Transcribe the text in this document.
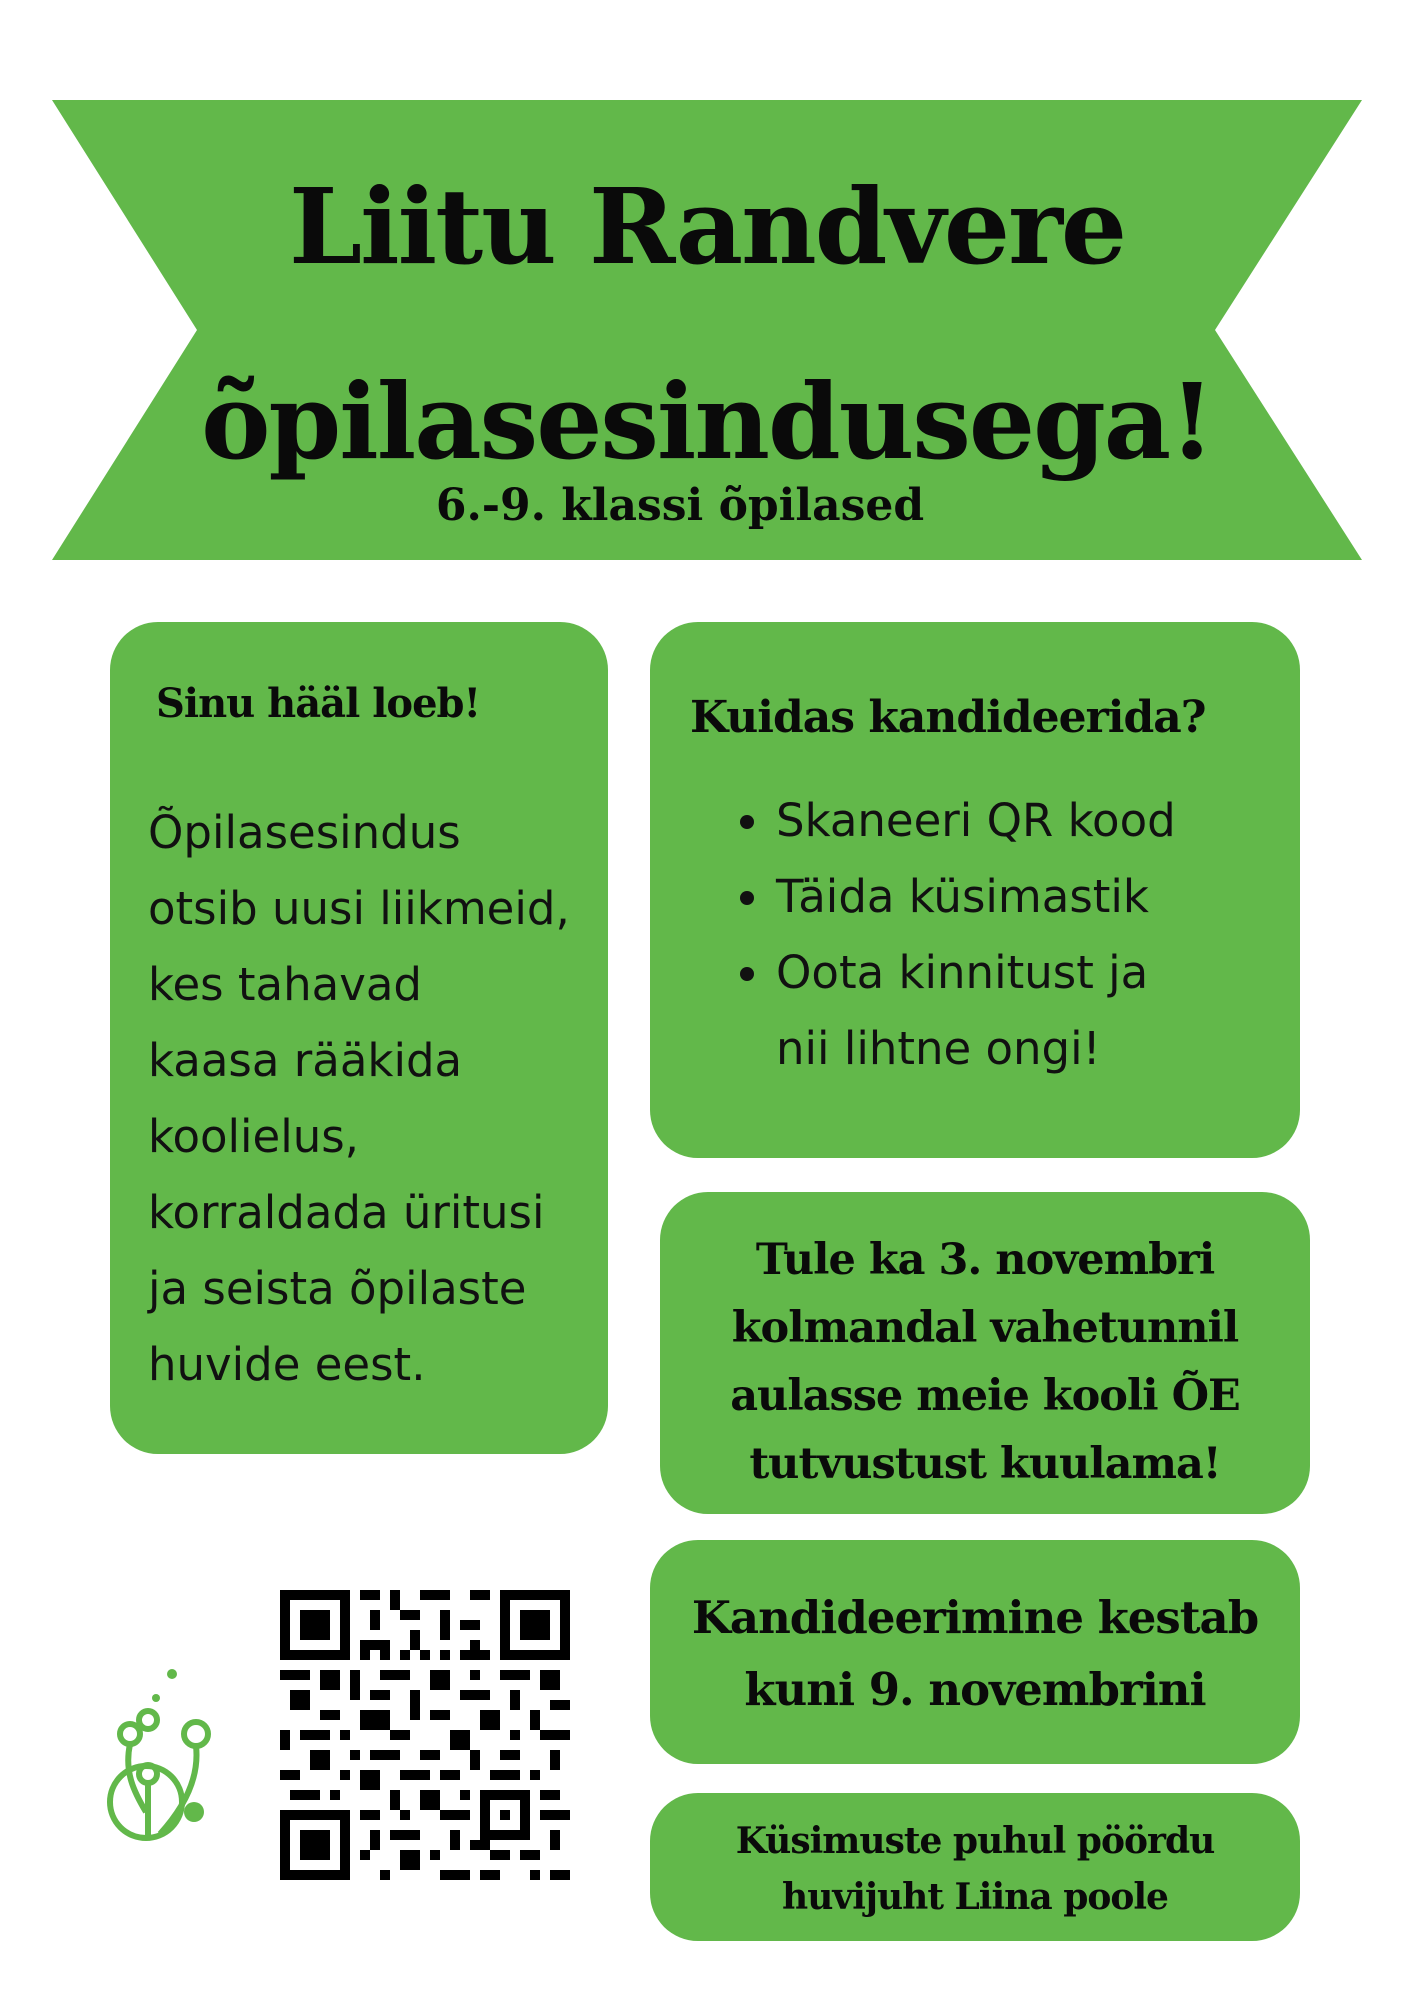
Liitu Randvere
õpilasesindusega!
6.-9. klassi õpilased
Sinu hääl loeb!

Õpilasesindus
otsib uusi liikmeid,
kes tahavad
kaasa rääkida
koolielus,
korraldada üritusi
ja seista õpilaste
huvide eest.

Kuidas kandideerida?
Skaneeri QR kood
Täida küsimastik
Oota kinnitust ja nii lihtne ongi!
Tule ka 3. novembri
kolmandal vahetunnil
aulasse meie kooli ÕE
tutvustust kuulama!
Kandideerimine kestab
kuni 9. novembrini
Küsimuste puhul pöördu
huvijuht Liina poole
